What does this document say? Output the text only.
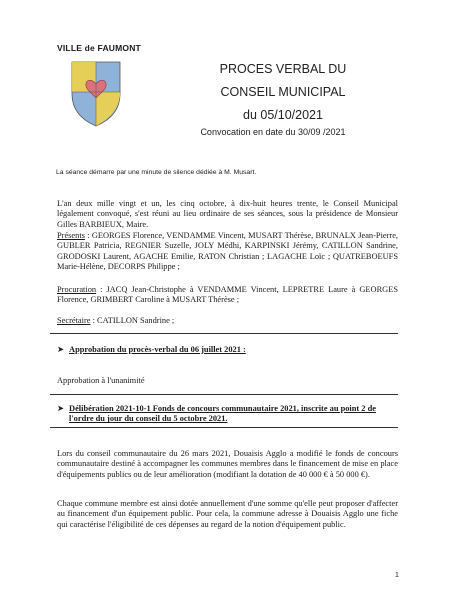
VILLE de FAUMONT
PROCES VERBAL DU
CONSEIL MUNICIPAL
du 05/10/2021
Convocation en date du 30/09 /2021
La séance démarre par une minute de silence dédiée à M. Musart.
L'an deux mille vingt et un, les cinq octobre, à dix-huit heures trente, le Conseil Municipal légalement convoqué, s'est réuni au lieu ordinaire de ses séances, sous la présidence de Monsieur Gilles BARBIEUX, Maire.
Présents : GEORGES Florence, VENDAMME Vincent, MUSART Thérèse, BRUNALX Jean-Pierre, GUBLER Patricia, REGNIER Suzelle, JOLY Médhi, KARPINSKI Jérémy, CATILLON Sandrine, GRODOSKI Laurent, AGACHE Emilie, RATON Christian ; LAGACHE Loïc ; QUATREBOEUFS Marie-Hélène, DECORPS Philippe ;
Procuration : JACQ Jean-Christophe à VENDAMME Vincent, LEPRETRE Laure à GEORGES Florence, GRIMBERT Caroline à MUSART Thérèse ;
Secrétaire : CATILLON Sandrine ;
➤ Approbation du procès-verbal du 06 juillet 2021 :
Approbation à l'unanimité
➤ Délibération 2021-10-1 Fonds de concours communautaire 2021, inscrite au point 2 de l'ordre du jour du conseil du 5 octobre 2021.
Lors du conseil communautaire du 26 mars 2021, Douaisis Agglo a modifié le fonds de concours communautaire destiné à accompagner les communes membres dans le financement de mise en place d'équipements publics ou de leur amélioration (modifiant la dotation de 40 000 € à 50 000 €).
Chaque commune membre est ainsi dotée annuellement d'une somme qu'elle peut proposer d'affecter au financement d'un équipement public. Pour cela, la commune adresse à Douaisis Agglo une fiche qui caractérise l'éligibilité de ces dépenses au regard de la notion d'équipement public.
1
